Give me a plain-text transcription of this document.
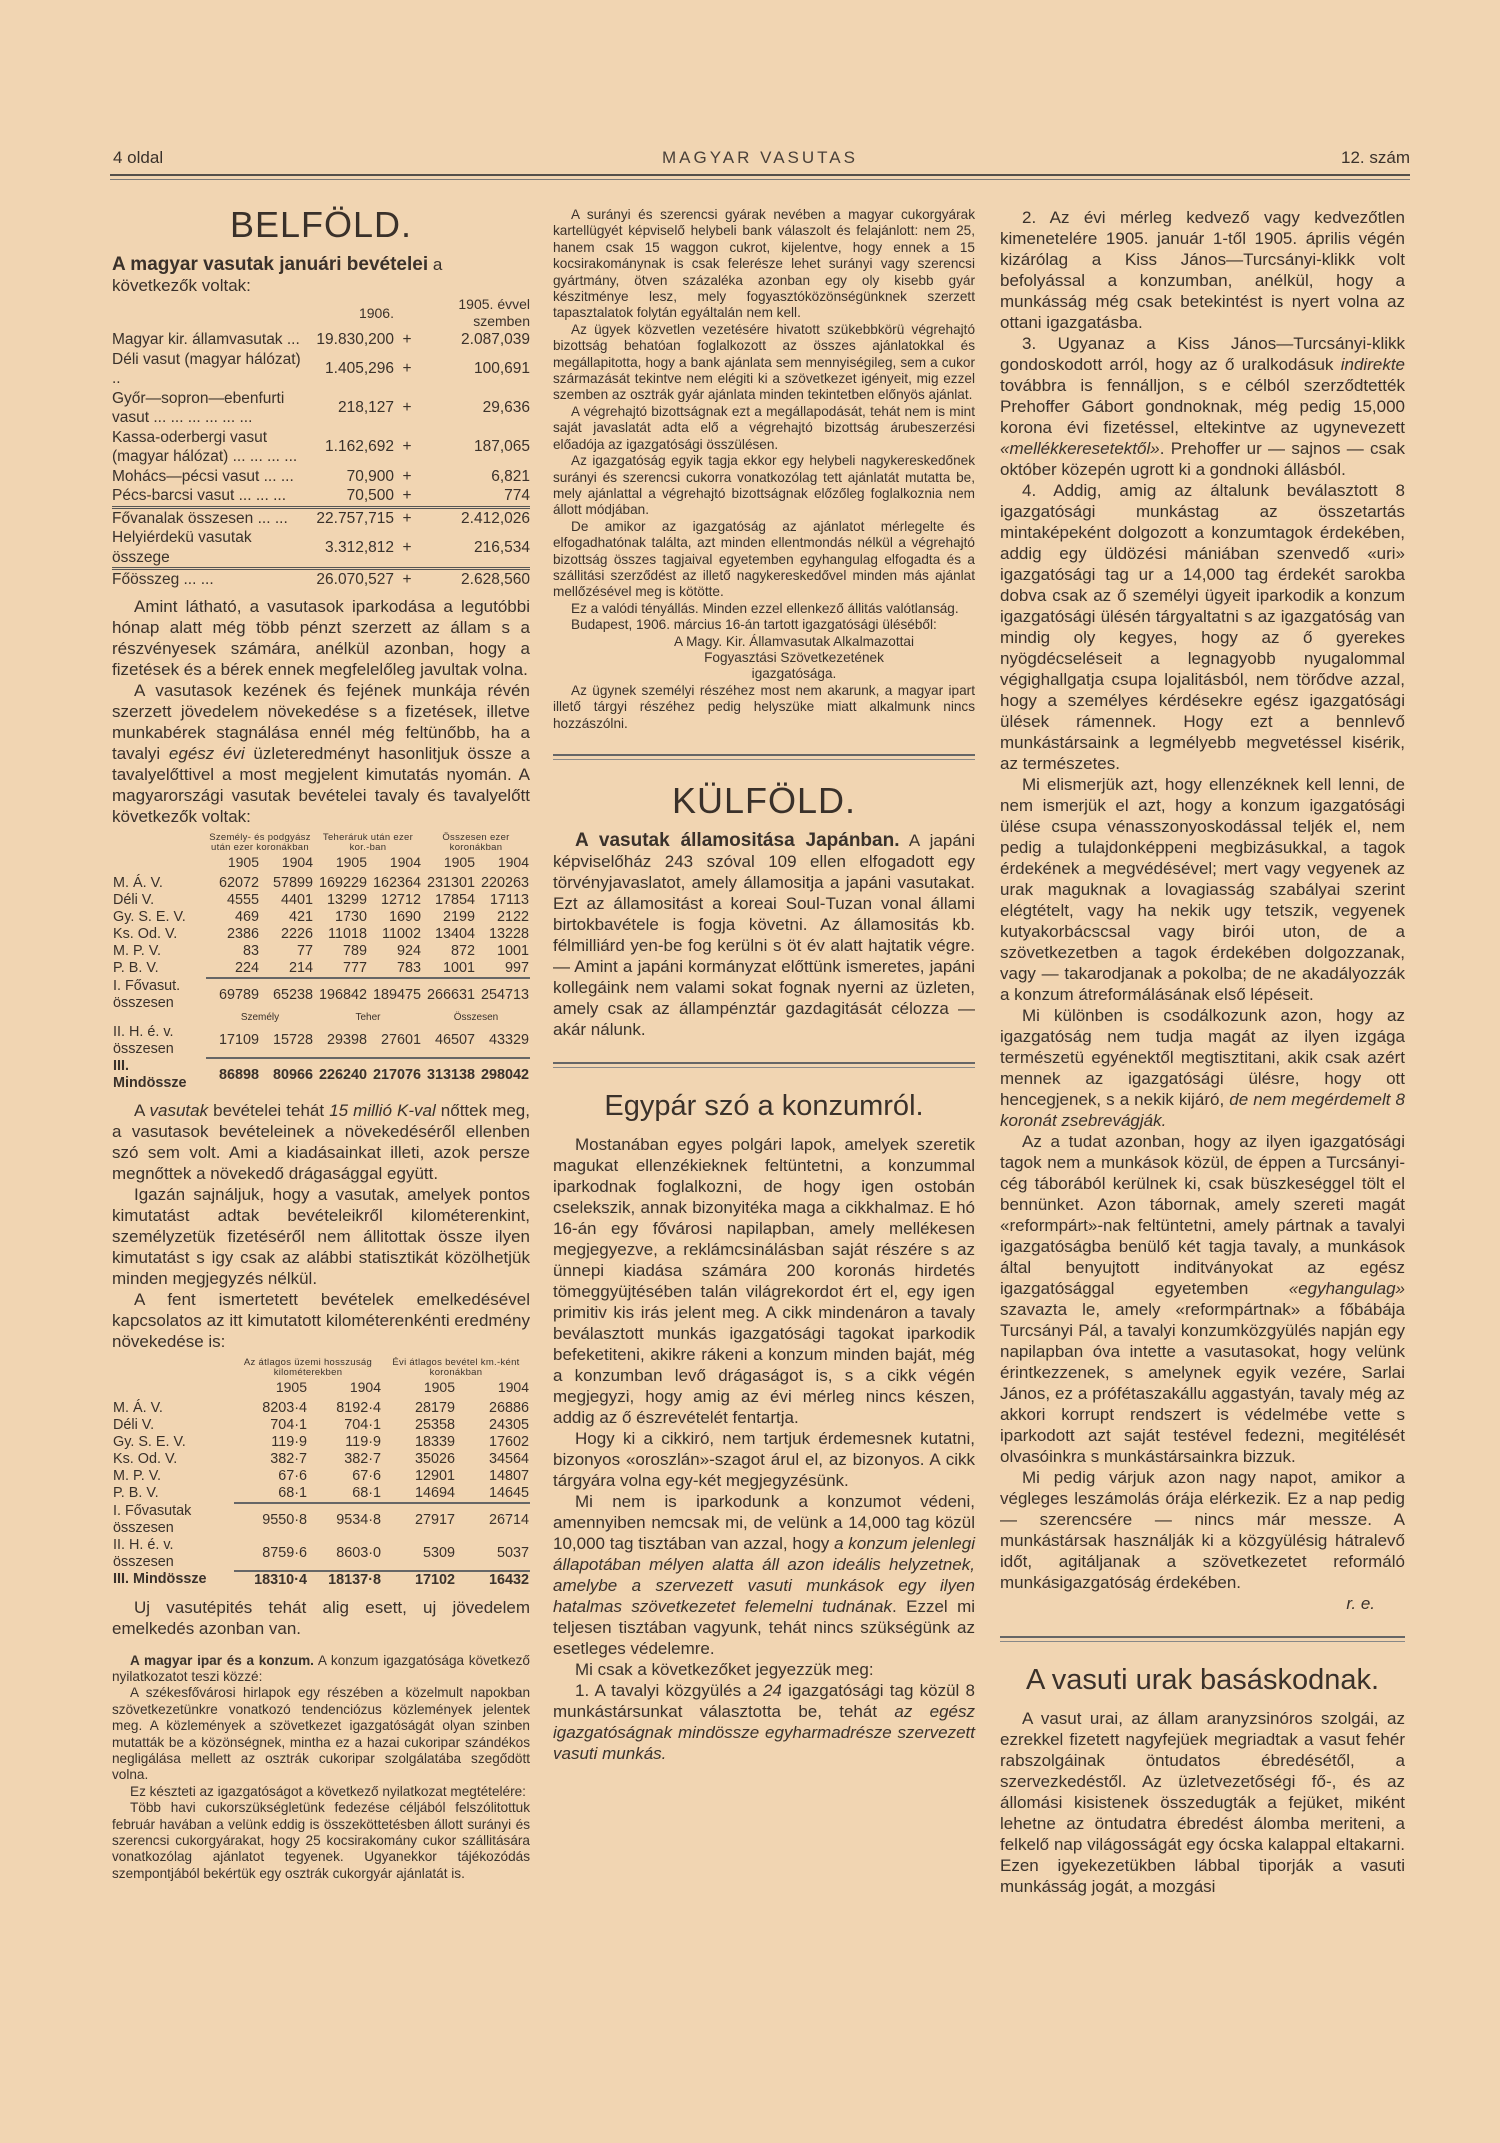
4 oldal	MAGYAR VASUTAS	12. szám
BELFÖLD.
A magyar vasutak januári bevételei a következők voltak:
	1906.		1905. évvel szemben
Magyar kir. államvasutak ...	19.830,200	+	2.087,039
Déli vasut (magyar hálózat) ..	1.405,296	+	100,691
Győr—sopron—ebenfurti vasut ... ... ... ... ... ...	218,127	+	29,636
Kassa-oderbergi vasut (magyar hálózat) ... ... ... ...	1.162,692	+	187,065
Mohács—pécsi vasut ... ...	70,900	+	6,821
Pécs-barcsi vasut ... ... ...	70,500	+	774
Fővanalak összesen ... ...	22.757,715	+	2.412,026
Helyiérdekü vasutak összege	3.312,812	+	216,534
Főösszeg ... ...	26.070,527	+	2.628,560

Amint látható, a vasutasok iparkodása a legutóbbi hónap alatt még több pénzt szerzett az állam s a részvényesek számára, anélkül azonban, hogy a fizetések és a bérek ennek megfelelőleg javultak volna.

A vasutasok kezének és fejének munkája révén szerzett jövedelem növekedése s a fizetések, illetve munkabérek stagnálása ennél még feltünőbb, ha a tavalyi egész évi üzleteredményt hasonlitjuk össze a tavalyelőttivel a most megjelent kimutatás nyomán. A magyarországi vasutak bevételei tavaly és tavalyelőtt következők voltak:

	Személy- és podgyász után ezer koronákban		Teheráruk után ezer kor.-ban		Összesen ezer koronákban	
	1905	1904	1905	1904	1905	1904
M. Á. V.	62072	57899	169229	162364	231301	220263
Déli V.	4555	4401	13299	12712	17854	17113
Gy. S. E. V.	469	421	1730	1690	2199	2122
Ks. Od. V.	2386	2226	11018	11002	13404	13228
M. P. V.	83	77	789	924	872	1001
P. B. V.	224	214	777	783	1001	997
I. Fővasut. összesen	69789	65238	196842	189475	266631	254713
	Személy		Teher		Összesen	
II. H. é. v. összesen	17109	15728	29398	27601	46507	43329
III. Mindössze	86898	80966	226240	217076	313138	298042

A vasutak bevételei tehát 15 millió K-val nőttek meg, a vasutasok bevételeinek a növekedéséről ellenben szó sem volt. Ami a kiadásainkat illeti, azok persze megnőttek a növekedő drágasággal együtt.

Igazán sajnáljuk, hogy a vasutak, amelyek pontos kimutatást adtak bevételeikről kilométerenkint, személyzetük fizetéséről nem állitottak össze ilyen kimutatást s igy csak az alábbi statisztikát közölhetjük minden megjegyzés nélkül.

A fent ismertetett bevételek emelkedésével kapcsolatos az itt kimutatott kilométerenkénti eredmény növekedése is:

	Az átlagos üzemi hosszuság kilométerekben		Évi átlagos bevétel km.-ként koronákban	
	1905	1904	1905	1904
M. Á. V.	8203·4	8192·4	28179	26886
Déli V.	704·1	704·1	25358	24305
Gy. S. E. V.	119·9	119·9	18339	17602
Ks. Od. V.	382·7	382·7	35026	34564
M. P. V.	67·6	67·6	12901	14807
P. B. V.	68·1	68·1	14694	14645
I. Fővasutak összesen	9550·8	9534·8	27917	26714
II. H. é. v. összesen	8759·6	8603·0	5309	5037
III. Mindössze	18310·4	18137·8	17102	16432

Uj vasutépités tehát alig esett, uj jövedelem emelkedés azonban van.

A magyar ipar és a konzum. A konzum igazgatósága következő nyilatkozatot teszi közzé:

A székesfővárosi hirlapok egy részében a közelmult napokban szövetkezetünkre vonatkozó tendenciózus közlemények jelentek meg. A közlemények a szövetkezet igazgatóságát olyan szinben mutatták be a közönségnek, mintha ez a hazai cukoripar szándékos negligálása mellett az osztrák cukoripar szolgálatába szegődött volna.

Ez készteti az igazgatóságot a következő nyilatkozat megtételére:

Több havi cukorszükségletünk fedezése céljából felszólitottuk február havában a velünk eddig is összeköttetésben állott surányi és szerencsi cukorgyárakat, hogy 25 kocsirakomány cukor szállitására vonatkozólag ajánlatot tegyenek. Ugyanekkor tájékozódás szempontjából bekértük egy osztrák cukorgyár ajánlatát is.

A surányi és szerencsi gyárak nevében a magyar cukorgyárak kartellügyét képviselő helybeli bank válaszolt és felajánlott: nem 25, hanem csak 15 waggon cukrot, kijelentve, hogy ennek a 15 kocsirakománynak is csak felerésze lehet surányi vagy szerencsi gyártmány, ötven százaléka azonban egy oly kisebb gyár készitménye lesz, mely fogyasztóközönségünknek szerzett tapasztalatok folytán egyáltalán nem kell.

Az ügyek közvetlen vezetésére hivatott szükebbkörü végrehajtó bizottság behatóan foglalkozott az összes ajánlatokkal és megállapitotta, hogy a bank ajánlata sem mennyiségileg, sem a cukor származását tekintve nem elégiti ki a szövetkezet igényeit, mig ezzel szemben az osztrák gyár ajánlata minden tekintetben előnyös ajánlat.

A végrehajtó bizottságnak ezt a megállapodását, tehát nem is mint saját javaslatát adta elő a végrehajtó bizottság árubeszerzési előadója az igazgatósági összülésen.

Az igazgatóság egyik tagja ekkor egy helybeli nagykereskedőnek surányi és szerencsi cukorra vonatkozólag tett ajánlatát mutatta be, mely ajánlattal a végrehajtó bizottságnak előzőleg foglalkoznia nem állott módjában.

De amikor az igazgatóság az ajánlatot mérlegelte és elfogadhatónak találta, azt minden ellentmondás nélkül a végrehajtó bizottság összes tagjaival egyetemben egyhangulag elfogadta és a szállitási szerződést az illető nagykereskedővel minden más ajánlat mellőzésével meg is kötötte.

Ez a valódi tényállás. Minden ezzel ellenkező állitás valótlanság.

Budapest, 1906. március 16-án tartott igazgatósági üléséből:

A Magy. Kir. Államvasutak Alkalmazottai
Fogyasztási Szövetkezetének
igazgatósága.

Az ügynek személyi részéhez most nem akarunk, a magyar ipart illető tárgyi részéhez pedig helyszüke miatt alkalmunk nincs hozzászólni.

KÜLFÖLD.

A vasutak államositása Japánban. A japáni képviselőház 243 szóval 109 ellen elfogadott egy törvényjavaslatot, amely államositja a japáni vasutakat. Ezt az államositást a koreai Soul-Tuzan vonal állami birtokbavétele is fogja követni. Az államositás kb. félmilliárd yen-be fog kerülni s öt év alatt hajtatik végre. — Amint a japáni kormányzat előttünk ismeretes, japáni kollegáink nem valami sokat fognak nyerni az üzleten, amely csak az állampénztár gazdagitását célozza — akár nálunk.

Egypár szó a konzumról.

Mostanában egyes polgári lapok, amelyek szeretik magukat ellenzékieknek feltüntetni, a konzummal iparkodnak foglalkozni, de hogy igen ostobán cselekszik, annak bizonyitéka maga a cikkhalmaz. E hó 16-án egy fővárosi napilapban, amely mellékesen megjegyezve, a reklámcsinálásban saját részére s az ünnepi kiadása számára 200 koronás hirdetés tömeggyüjtésében talán világrekordot ért el, egy igen primitiv kis irás jelent meg. A cikk mindenáron a tavaly beválasztott munkás igazgatósági tagokat iparkodik befeketiteni, akikre rákeni a konzum minden baját, még a konzumban levő drágaságot is, s a cikk végén megjegyzi, hogy amig az évi mérleg nincs készen, addig az ő észrevételét fentartja.

Hogy ki a cikkiró, nem tartjuk érdemesnek kutatni, bizonyos «oroszlán»-szagot árul el, az bizonyos. A cikk tárgyára volna egy-két megjegyzésünk.

Mi nem is iparkodunk a konzumot védeni, amennyiben nemcsak mi, de velünk a 14,000 tag közül 10,000 tag tisztában van azzal, hogy a konzum jelenlegi állapotában mélyen alatta áll azon ideális helyzetnek, amelybe a szervezett vasuti munkások egy ilyen hatalmas szövetkezetet felemelni tudnának. Ezzel mi teljesen tisztában vagyunk, tehát nincs szükségünk az esetleges védelemre.

Mi csak a következőket jegyezzük meg:

1. A tavalyi közgyülés a 24 igazgatósági tag közül 8 munkástársunkat választotta be, tehát az egész igazgatóságnak mindössze egyharmadrésze szervezett vasuti munkás.

2. Az évi mérleg kedvező vagy kedvezőtlen kimenetelére 1905. január 1-től 1905. április végén kizárólag a Kiss János—Turcsányi-klikk volt befolyással a konzumban, anélkül, hogy a munkásság még csak betekintést is nyert volna az ottani igazgatásba.

3. Ugyanaz a Kiss János—Turcsányi-klikk gondoskodott arról, hogy az ő uralkodásuk indirekte továbbra is fennálljon, s e célból szerződtették Prehoffer Gábort gondnoknak, még pedig 15,000 korona évi fizetéssel, eltekintve az ugynevezett «mellékkeresetektől». Prehoffer ur — sajnos — csak október közepén ugrott ki a gondnoki állásból.

4. Addig, amig az általunk beválasztott 8 igazgatósági munkástag az összetartás mintaképeként dolgozott a konzumtagok érdekében, addig egy üldözési mániában szenvedő «uri» igazgatósági tag ur a 14,000 tag érdekét sarokba dobva csak az ő személyi ügyeit iparkodik a konzum igazgatósági ülésén tárgyaltatni s az igazgatóság van mindig oly kegyes, hogy az ő gyerekes nyögdécseléseit a legnagyobb nyugalommal végighallgatja csupa lojalitásból, nem törődve azzal, hogy a személyes kérdésekre egész igazgatósági ülések rámennek. Hogy ezt a bennlevő munkástársaink a legmélyebb megvetéssel kisérik, az természetes.

Mi elismerjük azt, hogy ellenzéknek kell lenni, de nem ismerjük el azt, hogy a konzum igazgatósági ülése csupa vénasszonyoskodással teljék el, nem pedig a tulajdonképpeni megbizásukkal, a tagok érdekének a megvédésével; mert vagy vegyenek az urak maguknak a lovagiasság szabályai szerint elégtételt, vagy ha nekik ugy tetszik, vegyenek kutyakorbácscsal vagy birói uton, de a szövetkezetben a tagok érdekében dolgozzanak, vagy — takarodjanak a pokolba; de ne akadályozzák a konzum átreformálásának első lépéseit.

Mi különben is csodálkozunk azon, hogy az igazgatóság nem tudja magát az ilyen izgága természetü egyénektől megtisztitani, akik csak azért mennek az igazgatósági ülésre, hogy ott hencegjenek, s a nekik kijáró, de nem megérdemelt 8 koronát zsebrevágják.

Az a tudat azonban, hogy az ilyen igazgatósági tagok nem a munkások közül, de éppen a Turcsányi-cég táborából kerülnek ki, csak büszkeséggel tölt el bennünket. Azon tábornak, amely szereti magát «reformpárt»-nak feltüntetni, amely pártnak a tavalyi igazgatóságba benülő két tagja tavaly, a munkások által benyujtott inditványokat az egész igazgatósággal egyetemben «egyhangulag» szavazta le, amely «reformpártnak» a főbábája Turcsányi Pál, a tavalyi konzumközgyülés napján egy napilapban óva intette a vasutasokat, hogy velünk érintkezzenek, s amelynek egyik vezére, Sarlai János, ez a prófétaszakállu aggastyán, tavaly még az akkori korrupt rendszert is védelmébe vette s iparkodott azt saját testével fedezni, megitélését olvasóinkra s munkástársainkra bizzuk.

Mi pedig várjuk azon nagy napot, amikor a végleges leszámolás órája elérkezik. Ez a nap pedig — szerencsére — nincs már messze. A munkástársak használják ki a közgyülésig hátralevő időt, agitáljanak a szövetkezetet reformáló munkásigazgatóság érdekében.

r. e.
A vasuti urak basáskodnak.

A vasut urai, az állam aranyzsinóros szolgái, az ezrekkel fizetett nagyfejüek megriadtak a vasut fehér rabszolgáinak öntudatos ébredésétől, a szervezkedéstől. Az üzletvezetőségi fő-, és az állomási kisistenek összedugták a fejüket, miként lehetne az öntudatra ébredést álomba meriteni, a felkelő nap világosságát egy ócska kalappal eltakarni. Ezen igyekezetükben lábbal tiporják a vasuti munkásság jogát, a mozgási
